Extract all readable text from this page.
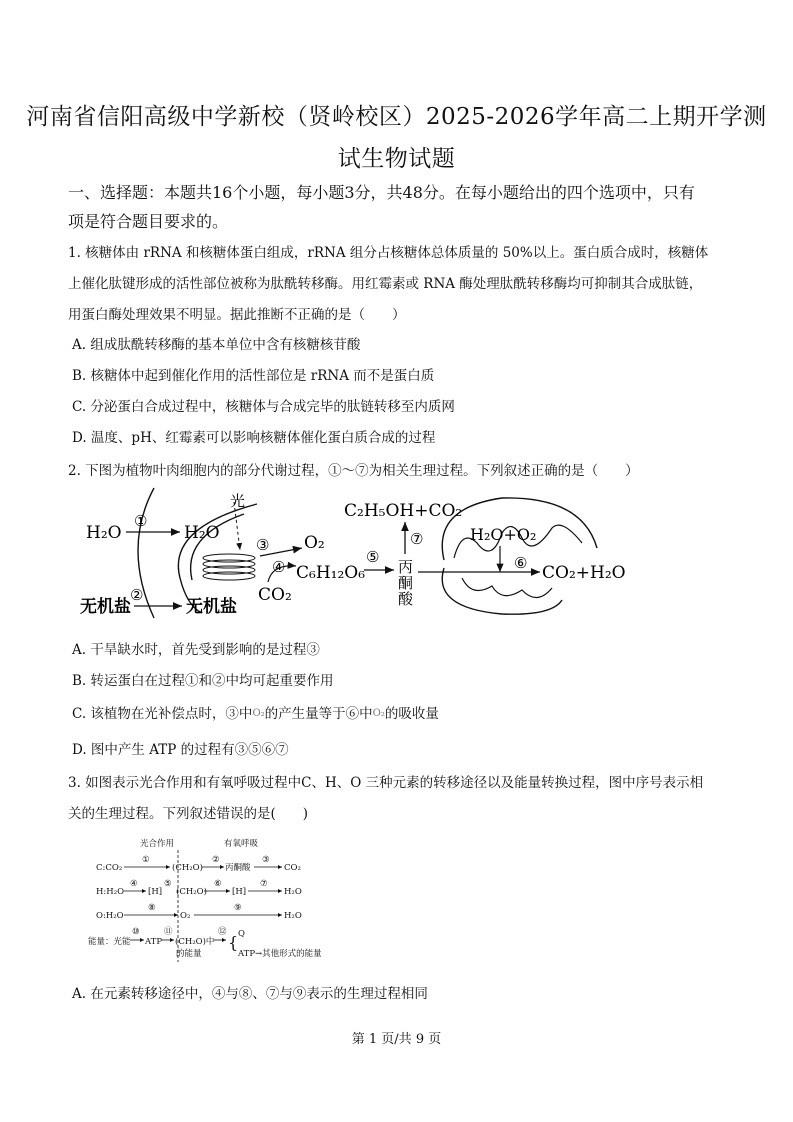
河南省信阳高级中学新校（贤岭校区）2025-2026学年高二上期开学测
试生物试题
一、选择题：本题共16个小题，每小题3分，共48分。在每小题给出的四个选项中，只有
项是符合题目要求的。
1. 核糖体由 rRNA 和核糖体蛋白组成，rRNA 组分占核糖体总体质量的 50%以上。蛋白质合成时，核糖体
上催化肽键形成的活性部位被称为肽酰转移酶。用红霉素或 RNA 酶处理肽酰转移酶均可抑制其合成肽链，
用蛋白酶处理效果不明显。据此推断不正确的是（　　）
A. 组成肽酰转移酶的基本单位中含有核糖核苷酸
B. 核糖体中起到催化作用的活性部位是 rRNA 而不是蛋白质
C. 分泌蛋白合成过程中，核糖体与合成完毕的肽链转移至内质网
D. 温度、pH、红霉素可以影响核糖体催化蛋白质合成的过程
2. 下图为植物叶肉细胞内的部分代谢过程，①～⑦为相关生理过程。下列叙述正确的是（　　）
光
H₂O
①
H₂O
③ O₂
④ C₆H₁₂O₆
CO₂
⑤
丙
酮
酸
⑦
C₂H₅OH+CO₂
H₂O+O₂
⑥ CO₂+H₂O
无机盐
②
无机盐
A. 干旱缺水时，首先受到影响的是过程③
B. 转运蛋白在过程①和②中均可起重要作用
C. 该植物在光补偿点时，③中O₂的产生量等于⑥中O₂的吸收量
D. 图中产生 ATP 的过程有③⑤⑥⑦
3. 如图表示光合作用和有氧呼吸过程中C、H、O 三种元素的转移途径以及能量转换过程，图中序号表示相
关的生理过程。下列叙述错误的是(　　)
光合作用	有氧呼吸
C:CO₂
①
(CH₂O)
②
丙酮酸
③
CO₂
H:H₂O
④
[H]
⑤
(CH₂O)
⑥
[H]
⑦
H₂O
O:H₂O
⑧
O₂
⑨
H₂O
能量：光能
⑩
ATP
⑪
(CH₂O)中
的能量
⑫
{ Q
ATP→其他形式的能量
A. 在元素转移途径中，④与⑧、⑦与⑨表示的生理过程相同
第 1 页/共 9 页
